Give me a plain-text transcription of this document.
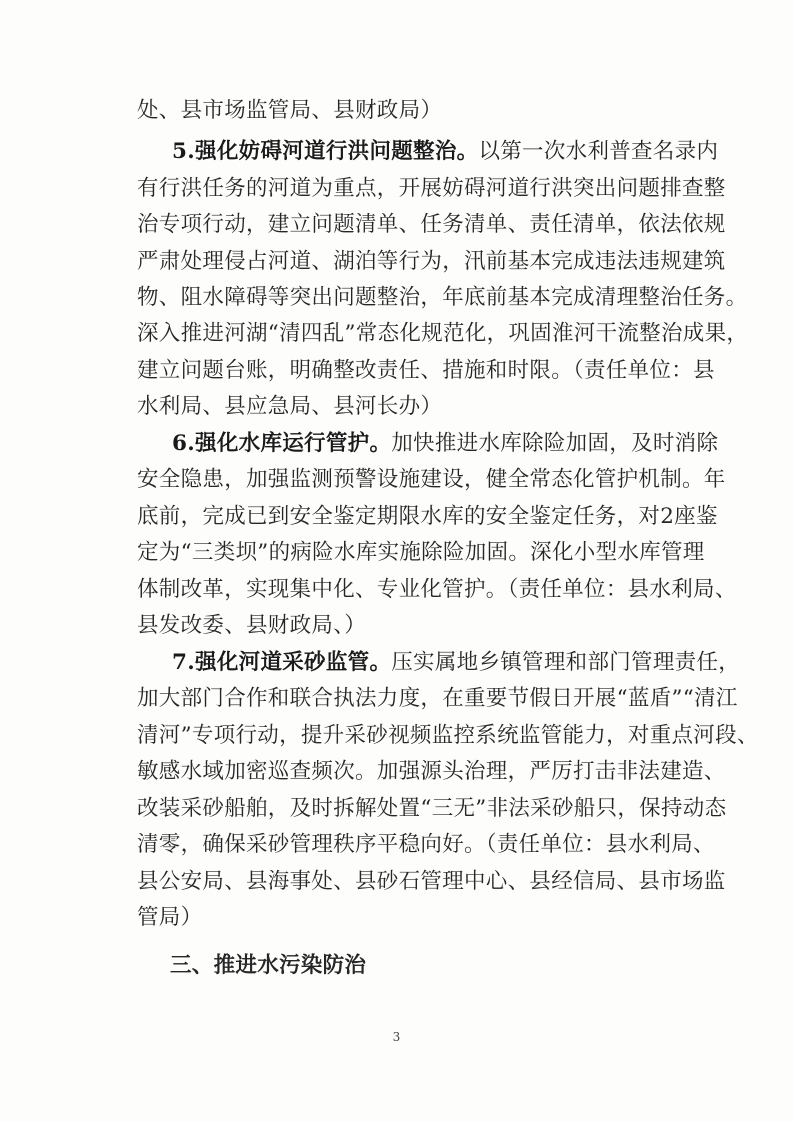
处、县市场监管局、县财政局）
5.强化妨碍河道行洪问题整治。以第一次水利普查名录内
有行洪任务的河道为重点，开展妨碍河道行洪突出问题排查整
治专项行动，建立问题清单、任务清单、责任清单，依法依规
严肃处理侵占河道、湖泊等行为，汛前基本完成违法违规建筑
物、阻水障碍等突出问题整治，年底前基本完成清理整治任务。
深入推进河湖“清四乱”常态化规范化，巩固淮河干流整治成果，
建立问题台账，明确整改责任、措施和时限。（责任单位：县
水利局、县应急局、县河长办）
6.强化水库运行管护。加快推进水库除险加固，及时消除
安全隐患，加强监测预警设施建设，健全常态化管护机制。年
底前，完成已到安全鉴定期限水库的安全鉴定任务，对2座鉴
定为“三类坝”的病险水库实施除险加固。深化小型水库管理
体制改革，实现集中化、专业化管护。（责任单位：县水利局、
县发改委、县财政局、）
7.强化河道采砂监管。压实属地乡镇管理和部门管理责任，
加大部门合作和联合执法力度，在重要节假日开展“蓝盾”“清江
清河”专项行动，提升采砂视频监控系统监管能力，对重点河段、
敏感水域加密巡查频次。加强源头治理，严厉打击非法建造、
改装采砂船舶，及时拆解处置“三无”非法采砂船只，保持动态
清零，确保采砂管理秩序平稳向好。（责任单位：县水利局、
县公安局、县海事处、县砂石管理中心、县经信局、县市场监
管局）
三、推进水污染防治
3
